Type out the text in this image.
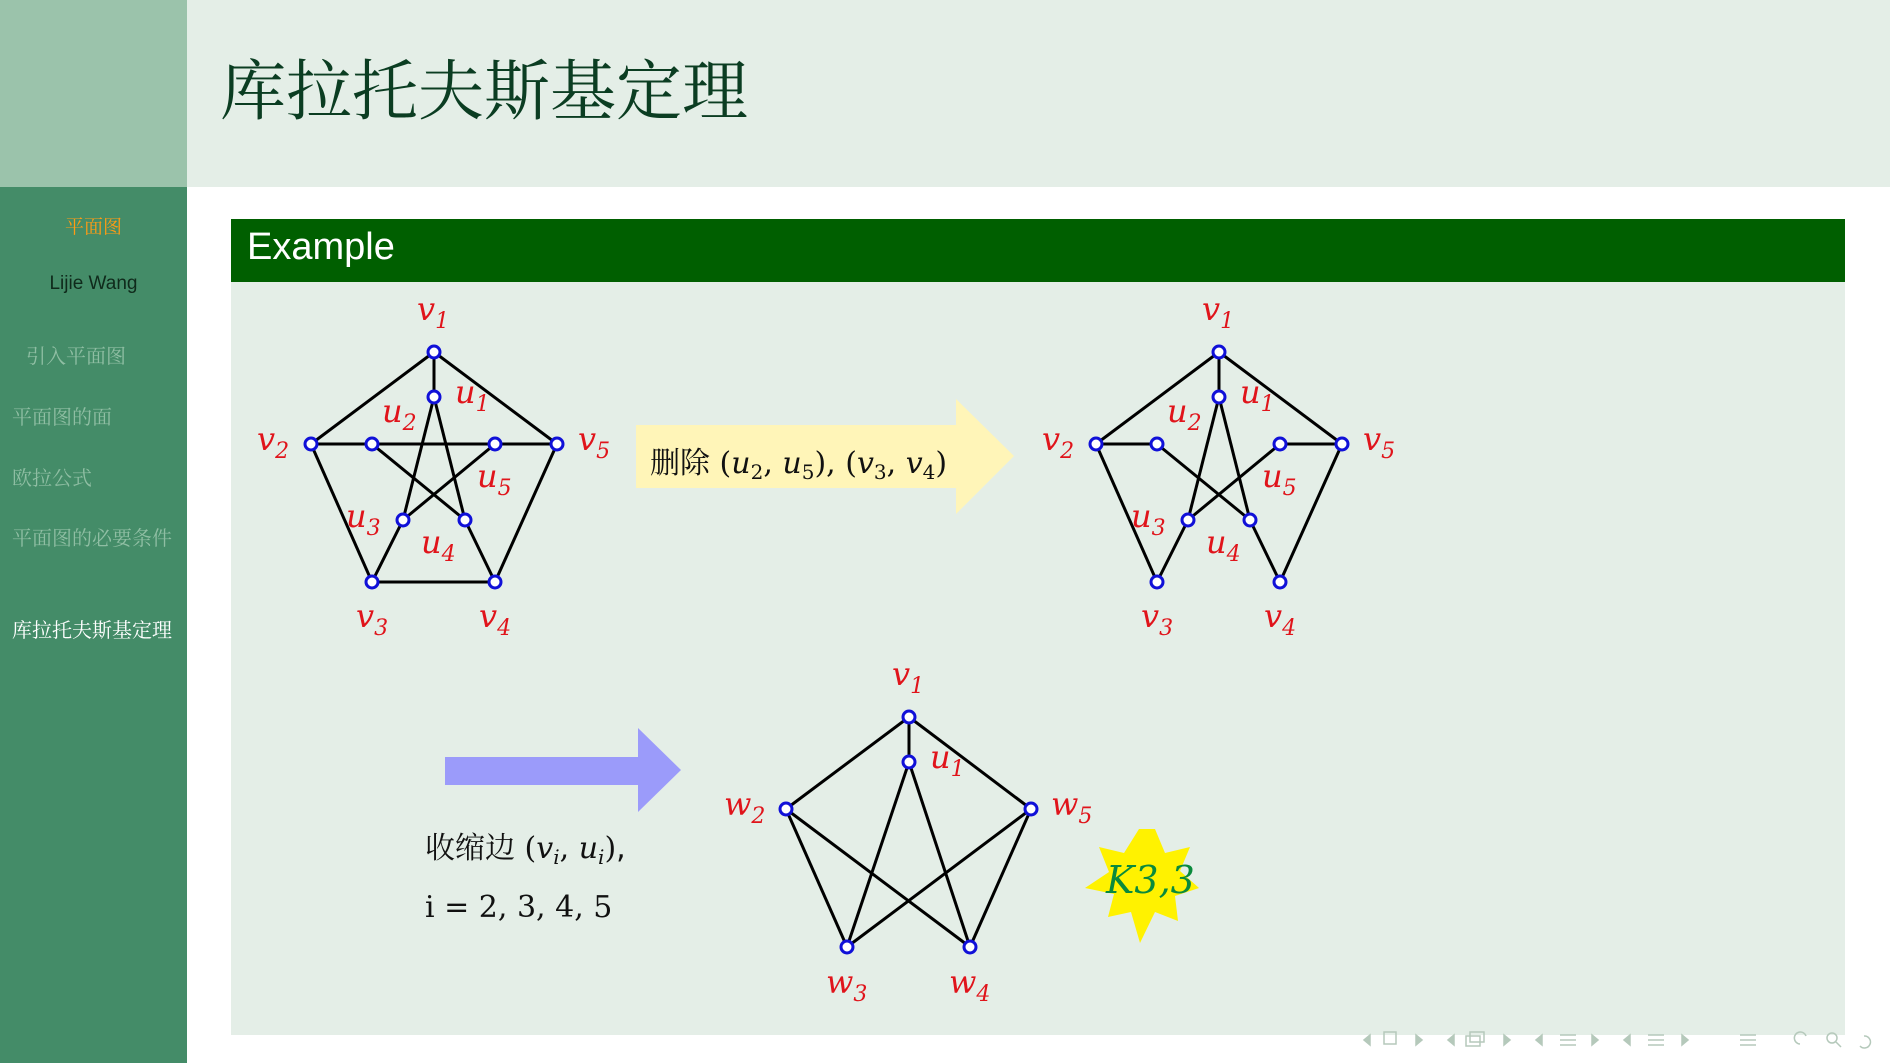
库拉托夫斯基定理
平面图
Lijie Wang
引入平面图
平面图的面
欧拉公式
平面图的必要条件
库拉托夫斯基定理
Example
$v_1$
$v_2$	$v_5$
$v_3$	$v_4$
$u_1$
$u_2$
$u_5$
$u_3$ $u_4$
$v_1$
$v_2$	$v_5$
$v_3$	$v_4$
$u_1$
$u_2$
$u_5$
$u_3$ $u_4$
$v_1$
$u_1$
$w_2$	$w_5$
$w_3$	$w_4$
删除 ($u_2$, $u_5$), ($v_3$, $v_4$)
收缩边 ($v_i$, $u_i$),
i = 2, 3, 4, 5
K3,3
